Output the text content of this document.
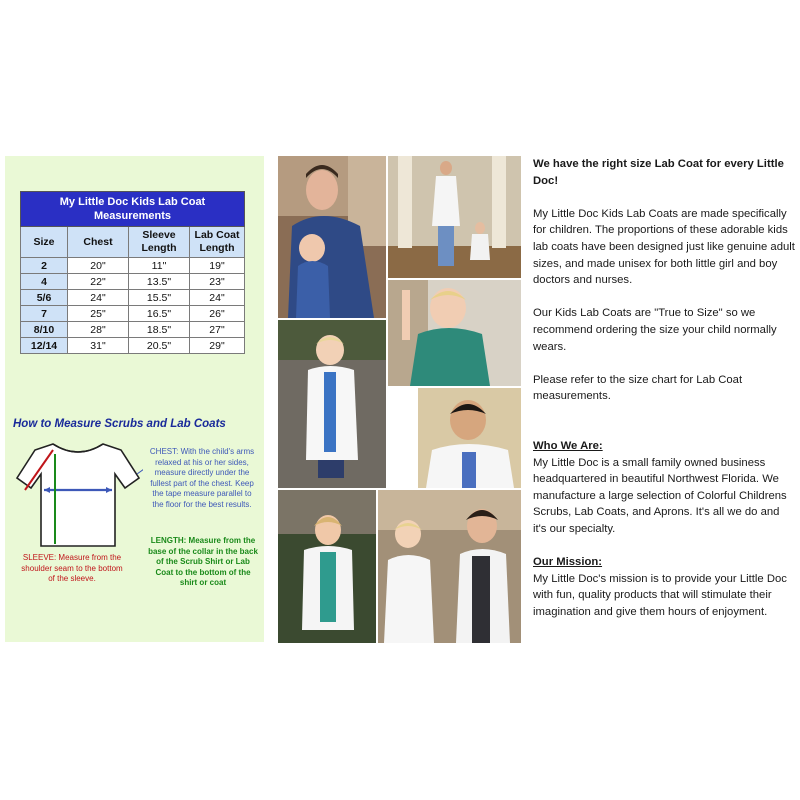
My Little Doc Kids Lab Coat Measurements			
Size	Chest	Sleeve Length	Lab Coat Length
2	20"	11"	19"
4	22"	13.5"	23"
5/6	24"	15.5"	24"
7	25"	16.5"	26"
8/10	28"	18.5"	27"
12/14	31"	20.5"	29"
How to Measure Scrubs and Lab Coats
CHEST: With the child's arms relaxed at his or her sides, measure directly under the fullest part of the chest. Keep the tape measure parallel to the floor for the best results.
LENGTH: Measure from the base of the collar in the back of the Scrub Shirt or Lab Coat to the bottom of the shirt or coat
SLEEVE: Measure from the shoulder seam to the bottom of the sleeve.

We have the right size Lab Coat for every Little Doc!

My Little Doc Kids Lab Coats are made specifically for children. The proportions of these adorable kids lab coats have been designed just like genuine adult sizes, and made unisex for both little girl and boy doctors and nurses.

Our Kids Lab Coats are "True to Size" so we recommend ordering the size your child normally wears.

Please refer to the size chart for Lab Coat measurements.

Who We Are:

My Little Doc is a small family owned business headquartered in beautiful Northwest Florida. We manufacture a large selection of Colorful Childrens Scrubs, Lab Coats, and Aprons. It's all we do and it's our specialty.

Our Mission:

My Little Doc's mission is to provide your Little Doc with fun, quality products that will stimulate their imagination and give them hours of enjoyment.
